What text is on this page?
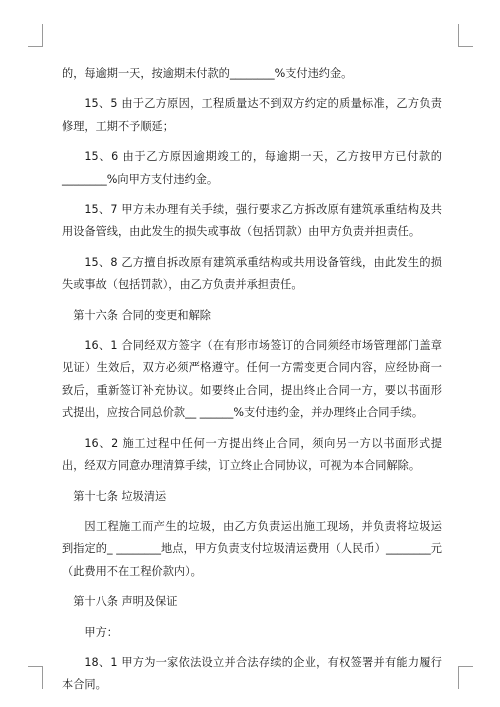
的，每逾期一天，按逾期未付款的________%支付违约金。

15、5 由于乙方原因，工程质量达不到双方约定的质量标准，乙方负责修理，工期不予顺延；

15、6 由于乙方原因逾期竣工的，每逾期一天，乙方按甲方已付款的________%向甲方支付违约金。

15、7 甲方未办理有关手续，强行要求乙方拆改原有建筑承重结构及共用设备管线，由此发生的损失或事故（包括罚款）由甲方负责并担责任。

15、8 乙方擅自拆改原有建筑承重结构或共用设备管线，由此发生的损失或事故（包括罚款），由乙方负责并承担责任。

第十六条 合同的变更和解除

16、1 合同经双方签字（在有形市场签订的合同须经市场管理部门盖章见证）生效后，双方必须严格遵守。任何一方需变更合同内容，应经协商一致后，重新签订补充协议。如要终止合同，提出终止合同一方，要以书面形式提出，应按合同总价款__ ______%支付违约金，并办理终止合同手续。

16、2 施工过程中任何一方提出终止合同，须向另一方以书面形式提出，经双方同意办理清算手续，订立终止合同协议，可视为本合同解除。

第十七条 垃圾清运

因工程施工而产生的垃圾，由乙方负责运出施工现场，并负责将垃圾运到指定的_ ________地点，甲方负责支付垃圾清运费用（人民币）________元（此费用不在工程价款内）。

第十八条 声明及保证

甲方：

18、1 甲方为一家依法设立并合法存续的企业，有权签署并有能力履行本合同。
